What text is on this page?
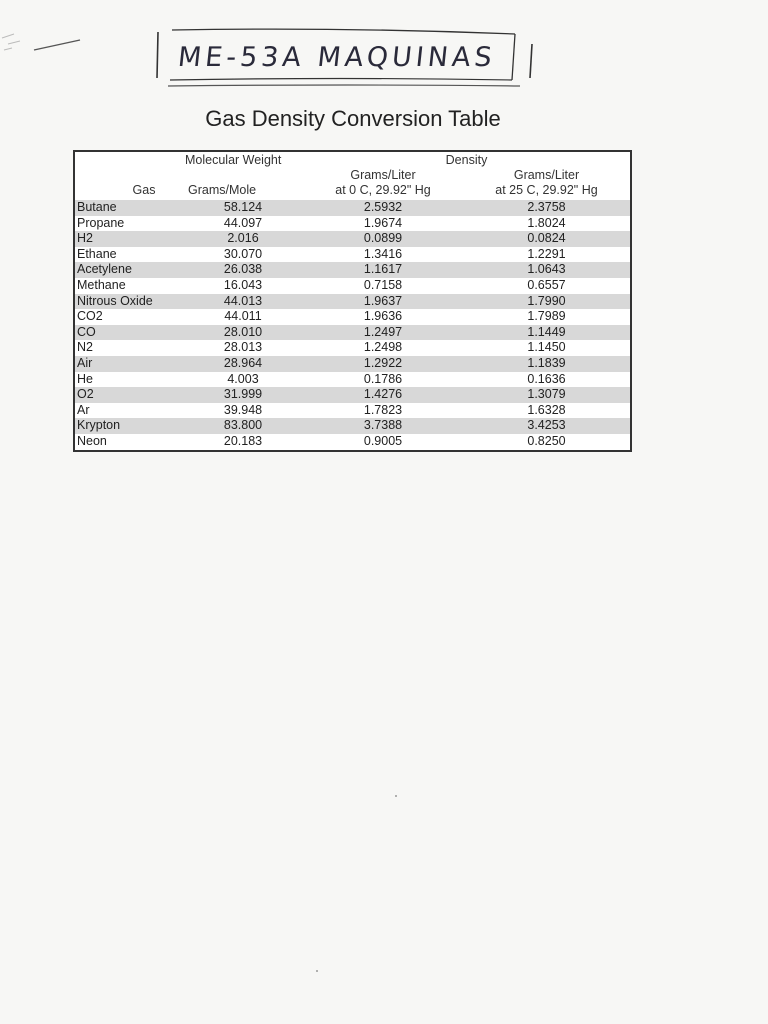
ME-53A MAQUINAS
Gas Density Conversion Table
	Molecular Weight	Density	
		Grams/Liter	Grams/Liter
Gas	Grams/Mole	at 0 C, 29.92" Hg	at 25 C, 29.92" Hg
Butane	58.124	2.5932	2.3758
Propane	44.097	1.9674	1.8024
H2	2.016	0.0899	0.0824
Ethane	30.070	1.3416	1.2291
Acetylene	26.038	1.1617	1.0643
Methane	16.043	0.7158	0.6557
Nitrous Oxide	44.013	1.9637	1.7990
CO2	44.011	1.9636	1.7989
CO	28.010	1.2497	1.1449
N2	28.013	1.2498	1.1450
Air	28.964	1.2922	1.1839
He	4.003	0.1786	0.1636
O2	31.999	1.4276	1.3079
Ar	39.948	1.7823	1.6328
Krypton	83.800	3.7388	3.4253
Neon	20.183	0.9005	0.8250
